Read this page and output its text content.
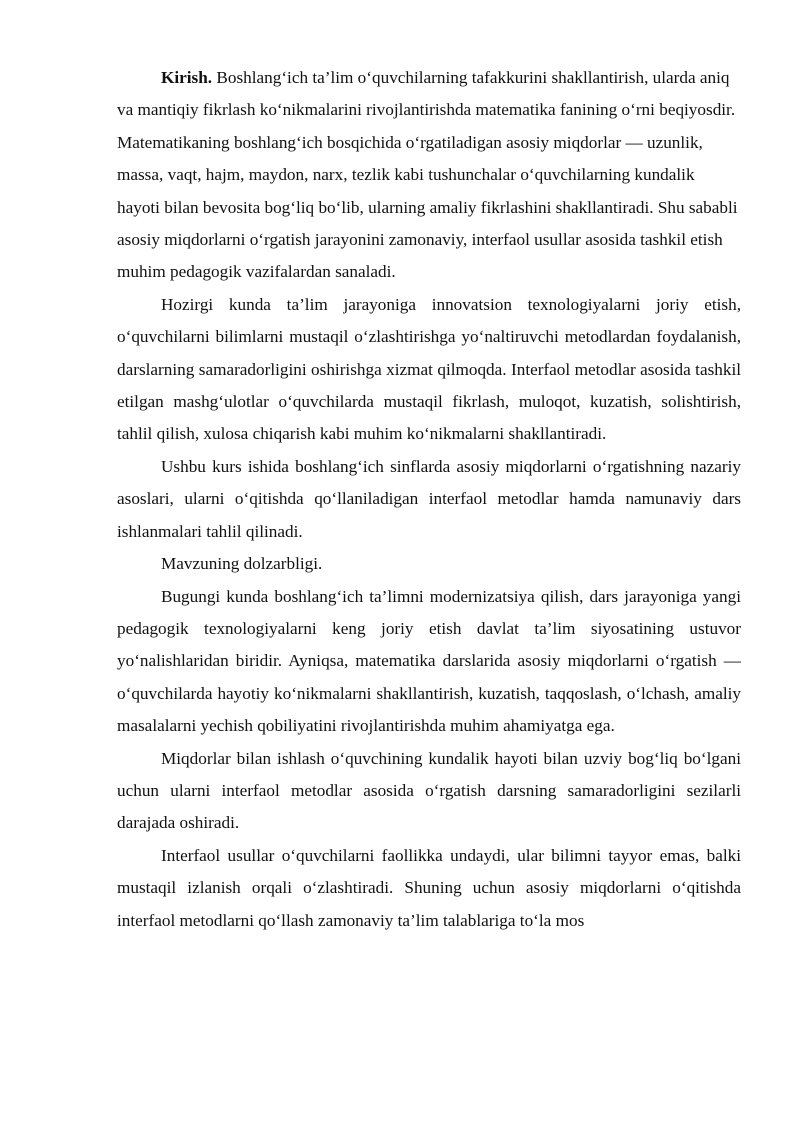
Kirish. Boshlang‘ich ta’lim o‘quvchilarning tafakkurini shakllantirish, ularda aniq va mantiqiy fikrlash ko‘nikmalarini rivojlantirishda matematika fanining o‘rni beqiyosdir. Matematikaning boshlang‘ich bosqichida o‘rgatiladigan asosiy miqdorlar — uzunlik, massa, vaqt, hajm, maydon, narx, tezlik kabi tushunchalar o‘quvchilarning kundalik hayoti bilan bevosita bog‘liq bo‘lib, ularning amaliy fikrlashini shakllantiradi. Shu sababli asosiy miqdorlarni o‘rgatish jarayonini zamonaviy, interfaol usullar asosida tashkil etish muhim pedagogik vazifalardan sanaladi.

Hozirgi kunda ta’lim jarayoniga innovatsion texnologiyalarni joriy etish, o‘quvchilarni bilimlarni mustaqil o‘zlashtirishga yo‘naltiruvchi metodlardan foydalanish, darslarning samaradorligini oshirishga xizmat qilmoqda. Interfaol metodlar asosida tashkil etilgan mashg‘ulotlar o‘quvchilarda mustaqil fikrlash, muloqot, kuzatish, solishtirish, tahlil qilish, xulosa chiqarish kabi muhim ko‘nikmalarni shakllantiradi.

Ushbu kurs ishida boshlang‘ich sinflarda asosiy miqdorlarni o‘rgatishning nazariy asoslari, ularni o‘qitishda qo‘llaniladigan interfaol metodlar hamda namunaviy dars ishlanmalari tahlil qilinadi.

Mavzuning dolzarbligi.

Bugungi kunda boshlang‘ich ta’limni modernizatsiya qilish, dars jarayoniga yangi pedagogik texnologiyalarni keng joriy etish davlat ta’lim siyosatining ustuvor yo‘nalishlaridan biridir. Ayniqsa, matematika darslarida asosiy miqdorlarni o‘rgatish — o‘quvchilarda hayotiy ko‘nikmalarni shakllantirish, kuzatish, taqqoslash, o‘lchash, amaliy masalalarni yechish qobiliyatini rivojlantirishda muhim ahamiyatga ega.

Miqdorlar bilan ishlash o‘quvchining kundalik hayoti bilan uzviy bog‘liq bo‘lgani uchun ularni interfaol metodlar asosida o‘rgatish darsning samaradorligini sezilarli darajada oshiradi.

Interfaol usullar o‘quvchilarni faollikka undaydi, ular bilimni tayyor emas, balki mustaqil izlanish orqali o‘zlashtiradi. Shuning uchun asosiy miqdorlarni o‘qitishda interfaol metodlarni qo‘llash zamonaviy ta’lim talablariga to‘la mos
